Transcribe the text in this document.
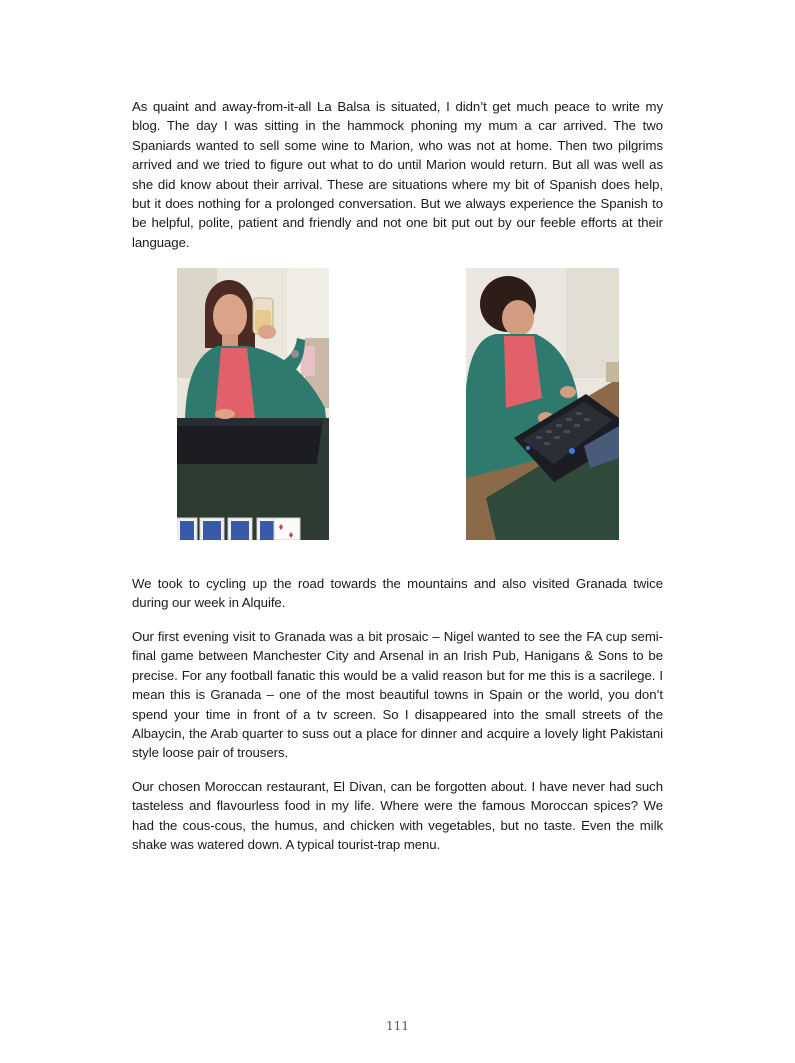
As quaint and away-from-it-all La Balsa is situated, I didn’t get much peace to write my blog. The day I was sitting in the hammock phoning my mum a car arrived. The two Spaniards wanted to sell some wine to Marion, who was not at home. Then two pilgrims arrived and we tried to figure out what to do until Marion would return. But all was well as she did know about their arrival. These are situations where my bit of Spanish does help, but it does nothing for a prolonged conversation. But we always experience the Spanish to be helpful, polite, patient and friendly and not one bit put out by our feeble efforts at their language.

We took to cycling up the road towards the mountains and also visited Granada twice during our week in Alquife.

Our first evening visit to Granada was a bit prosaic – Nigel wanted to see the FA cup semi-final game between Manchester City and Arsenal in an Irish Pub, Hanigans & Sons to be precise. For any football fanatic this would be a valid reason but for me this is a sacrilege. I mean this is Granada – one of the most beautiful towns in Spain or the world, you don’t spend your time in front of a tv screen. So I disappeared into the small streets of the Albaycin, the Arab quarter to suss out a place for dinner and acquire a lovely light Pakistani style loose pair of trousers.

Our chosen Moroccan restaurant, El Divan, can be forgotten about. I have never had such tasteless and flavourless food in my life. Where were the famous Moroccan spices? We had the cous-cous, the humus, and chicken with vegetables, but no taste. Even the milk shake was watered down. A typical tourist-trap menu.

111
